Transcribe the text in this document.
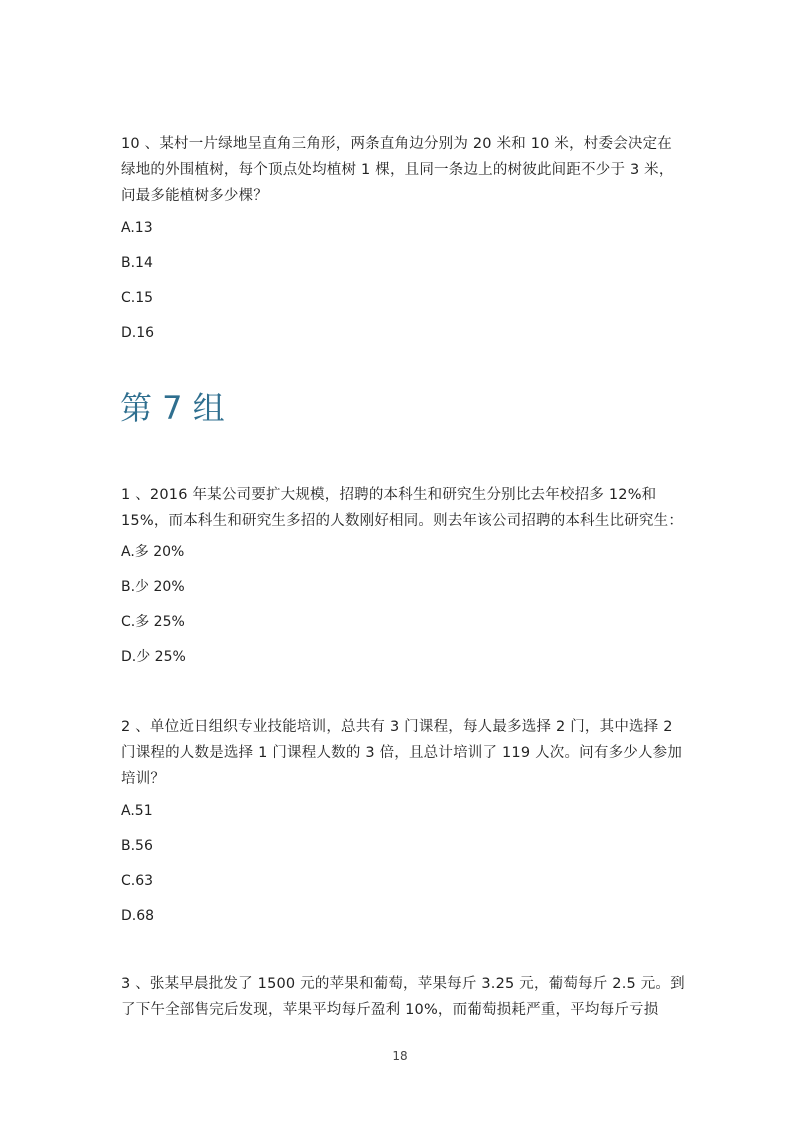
10 、某村一片绿地呈直角三角形，两条直角边分别为 20 米和 10 米，村委会决定在
绿地的外围植树，每个顶点处均植树 1 棵，且同一条边上的树彼此间距不少于 3 米，
问最多能植树多少棵？
A.13
B.14
C.15
D.16
第 7 组
1 、2016 年某公司要扩大规模，招聘的本科生和研究生分别比去年校招多 12%和
15%，而本科生和研究生多招的人数刚好相同。则去年该公司招聘的本科生比研究生：
A.多 20%
B.少 20%
C.多 25%
D.少 25%
2 、单位近日组织专业技能培训，总共有 3 门课程，每人最多选择 2 门，其中选择 2
门课程的人数是选择 1 门课程人数的 3 倍，且总计培训了 119 人次。问有多少人参加
培训？
A.51
B.56
C.63
D.68
3 、张某早晨批发了 1500 元的苹果和葡萄，苹果每斤 3.25 元，葡萄每斤 2.5 元。到
了下午全部售完后发现，苹果平均每斤盈利 10%，而葡萄损耗严重，平均每斤亏损
18
